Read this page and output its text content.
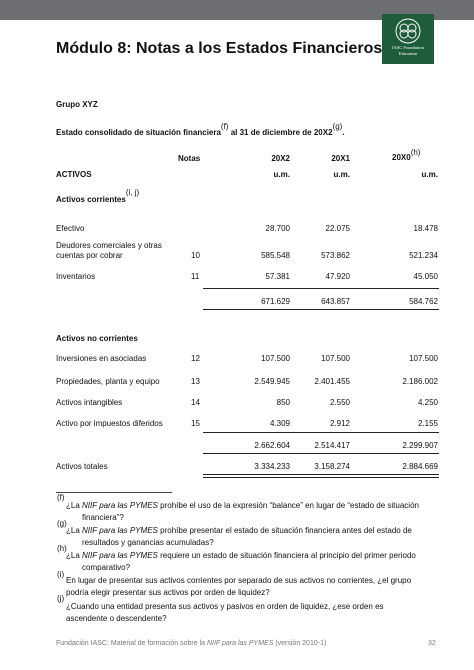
IASC Foundation
Education
Módulo 8: Notas a los Estados Financieros
Grupo XYZ
Estado consolidado de situación financiera(f) al 31 de diciembre de 20X2(g).
Notas	20X2	20X1	20X0(h)
ACTIVOS	u.m.	u.m.	u.m.
Activos corrientes(i, j)
Efectivo	28.700	22.075	18.478
Deudores comerciales y otras
cuentas por cobrar	10	585.548	573.862	521.234
Inventarios	11	57.381	47.920	45.050
671.629	643.857	584.762
Activos no corrientes
Inversiones en asociadas	12	107.500	107.500	107.500
Propiedades, planta y equipo	13	2.549.945	2.401.455	2.186.002
Activos intangibles	14	850	2.550	4.250
Activo por impuestos diferidos	15	4.309	2.912	2.155
2.662.604	2.514.417	2.299.907
Activos totales	3.334.233	3.158.274	2.884.669
(f)
¿La NIIF para las PYMES prohíbe el uso de la expresión “balance” en lugar de “estado de situación
financiera”?
(g)
¿La NIIF para las PYMES prohíbe presentar el estado de situación financiera antes del estado de
resultados y ganancias acumuladas?
(h)
¿La NIIF para las PYMES requiere un estado de situación financiera al principio del primer periodo
comparativo?
(i)
En lugar de presentar sus activos corrientes por separado de sus activos no corrientes, ¿el grupo
podría elegir presentar sus activos por orden de liquidez?
(j)
¿Cuando una entidad presenta sus activos y pasivos en orden de liquidez, ¿ese orden es
ascendente o descendente?
Fundación IASC: Material de formación sobre la NIIF para las PYMES (versión 2010-1)	32
